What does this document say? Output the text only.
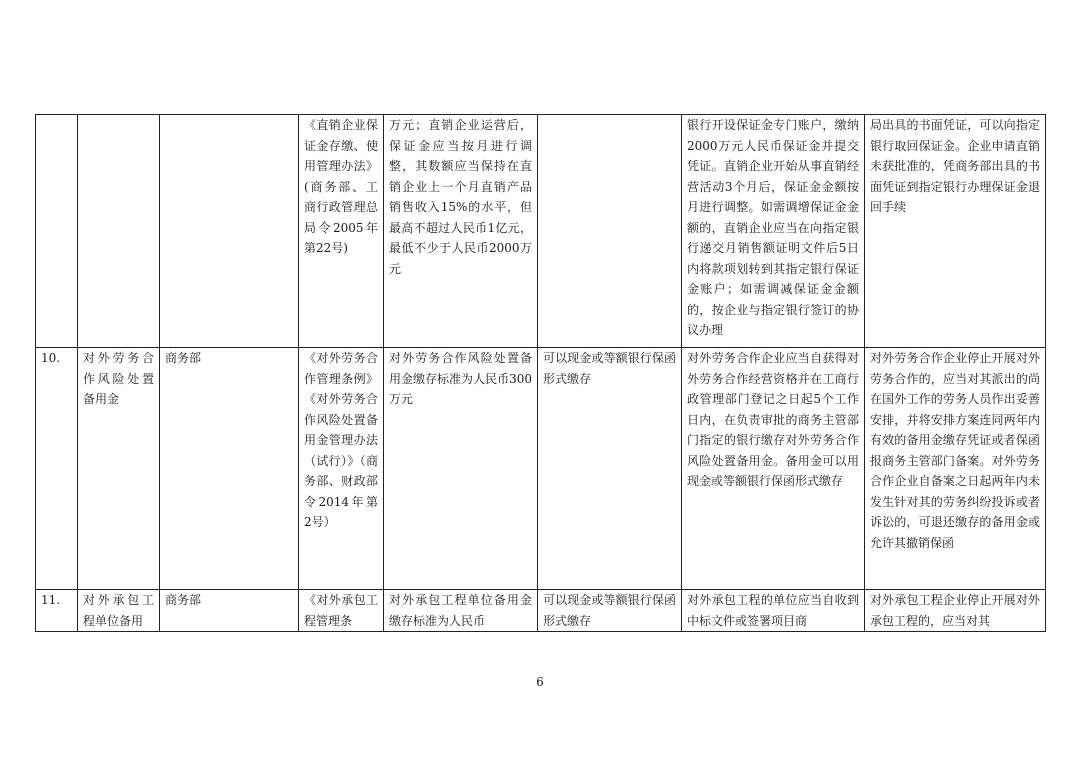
			《直销企业保证金存缴、使用管理办法》(商务部、工商行政管理总局令2005年第22号)	万元；直销企业运营后，保证金应当按月进行调整，其数额应当保持在直销企业上一个月直销产品销售收入15%的水平，但最高不超过人民币1亿元，最低不少于人民币2000万元		银行开设保证金专门账户，缴纳2000万元人民币保证金并提交凭证。直销企业开始从事直销经营活动3个月后，保证金金额按月进行调整。如需调增保证金金额的，直销企业应当在向指定银行递交月销售额证明文件后5日内将款项划转到其指定银行保证金账户；如需调减保证金金额的，按企业与指定银行签订的协议办理	局出具的书面凭证，可以向指定银行取回保证金。企业申请直销未获批准的，凭商务部出具的书面凭证到指定银行办理保证金退回手续
10.	对外劳务合作风险处置备用金	商务部	《对外劳务合作管理条例》《对外劳务合作风险处置备用金管理办法（试行）》（商务部、财政部令2014年第2号）	对外劳务合作风险处置备用金缴存标准为人民币300万元	可以现金或等额银行保函形式缴存	对外劳务合作企业应当自获得对外劳务合作经营资格并在工商行政管理部门登记之日起5个工作日内，在负责审批的商务主管部门指定的银行缴存对外劳务合作风险处置备用金。备用金可以用现金或等额银行保函形式缴存	对外劳务合作企业停止开展对外劳务合作的，应当对其派出的尚在国外工作的劳务人员作出妥善安排，并将安排方案连同两年内有效的备用金缴存凭证或者保函报商务主管部门备案。对外劳务合作企业自备案之日起两年内未发生针对其的劳务纠纷投诉或者诉讼的，可退还缴存的备用金或允许其撤销保函
11.	对外承包工程单位备用	商务部	《对外承包工程管理条	对外承包工程单位备用金缴存标准为人民币	可以现金或等额银行保函形式缴存	对外承包工程的单位应当自收到中标文件或签署项目商	对外承包工程企业停止开展对外承包工程的，应当对其
6
